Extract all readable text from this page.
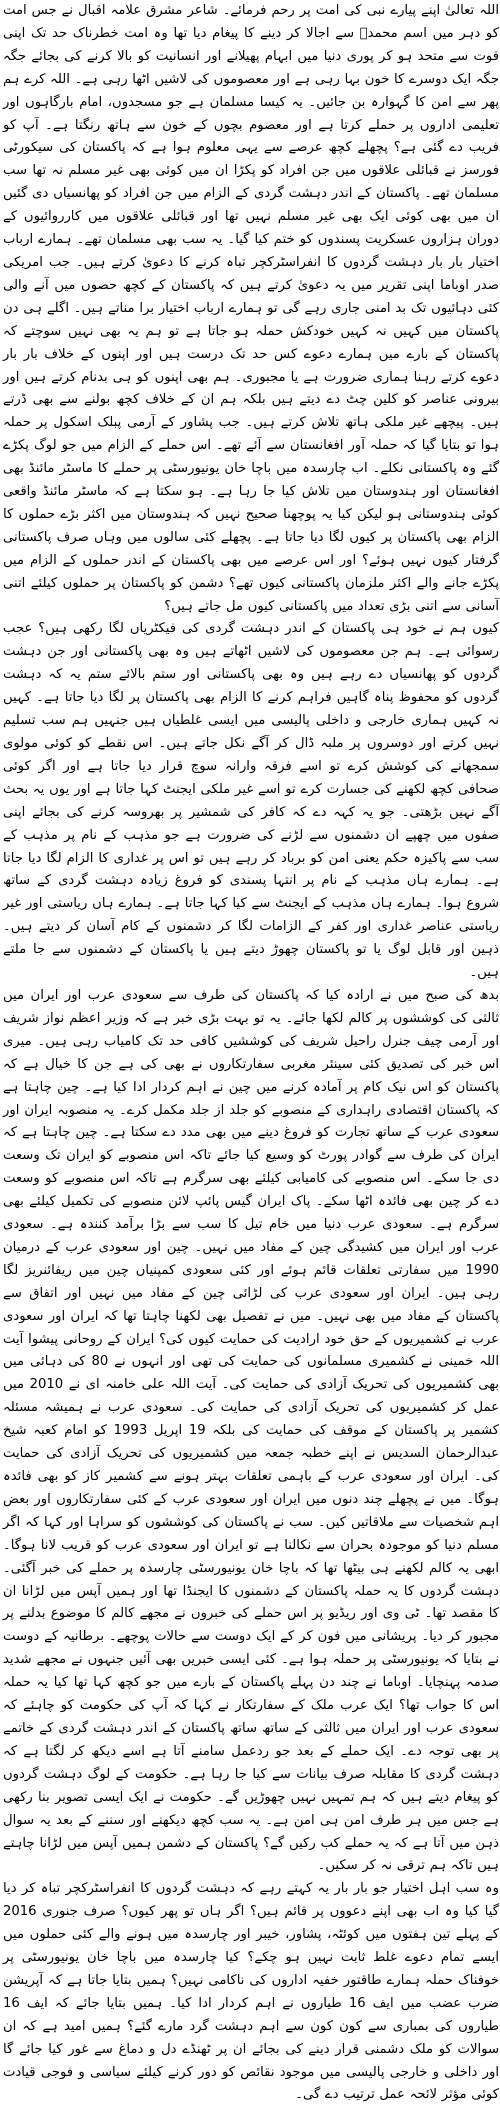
اللہ تعالیٰ اپنے پیارے نبی کی امت پر رحم فرمائے۔ شاعر مشرق علامہ اقبال نے جس امت کو دہر میں اسم محمدؐ سے اجالا کر دینے کا پیغام دیا تھا وہ امت خطرناک حد تک اپنی قوت سے متحد ہو کر پوری دنیا میں ابہام پھیلانے اور انسانیت کو بالا کرنے کی بجائے جگہ جگہ ایک دوسرے کا خون بہا رہی ہے اور معصوموں کی لاشیں اٹھا رہی ہے۔ اللہ کرے ہم پھر سے امن کا گہوارہ بن جائیں۔ یہ کیسا مسلمان ہے جو مسجدوں، امام بارگاہوں اور تعلیمی اداروں پر حملے کرتا ہے اور معصوم بچوں کے خون سے ہاتھ رنگتا ہے۔ آپ کو فریب دے گئی ہے؟ پچھلے کچھ عرصے سے یہی معلوم ہوا ہے کہ پاکستان کی سیکورٹی فورسز نے قبائلی علاقوں میں جن افراد کو پکڑا ان میں کوئی بھی غیر مسلم نہ تھا سب مسلمان تھے۔ پاکستان کے اندر دہشت گردی کے الزام میں جن افراد کو پھانسیاں دی گئیں ان میں بھی کوئی ایک بھی غیر مسلم نہیں تھا اور قبائلی علاقوں میں کارروائیوں کے دوران ہزاروں عسکریت پسندوں کو ختم کیا گیا۔ یہ سب بھی مسلمان تھے۔ ہمارے ارباب اختیار بار بار دہشت گردوں کا انفراسٹرکچر تباہ کرنے کا دعویٰ کرتے ہیں۔ جب امریکی صدر اوباما اپنی تقریر میں یہ دعویٰ کرتے ہیں کہ پاکستان کے کچھ حصوں میں آنے والی کئی دہائیوں تک بد امنی جاری رہے گی تو ہمارے ارباب اختیار برا مناتے ہیں۔ اگلے ہی دن پاکستان میں کہیں نہ کہیں خودکش حملہ ہو جاتا ہے تو ہم یہ بھی نہیں سوچتے کہ پاکستان کے بارے میں ہمارے دعوے کس حد تک درست ہیں اور اپنوں کے خلاف بار بار دعوے کرتے رہنا ہماری ضرورت ہے یا مجبوری۔ ہم بھی اپنوں کو ہی بدنام کرتے ہیں اور بیرونی عناصر کو کلین چٹ دے دیتے ہیں بلکہ ہم ان کے خلاف کچھ بولنے سے بھی ڈرتے ہیں۔ پیچھے غیر ملکی ہاتھ تلاش کرتے ہیں۔ جب پشاور کے آرمی پبلک اسکول پر حملہ ہوا تو بتایا گیا کہ حملہ آور افغانستان سے آئے تھے۔ اس حملے کے الزام میں جو لوگ پکڑے گئے وہ پاکستانی نکلے۔ اب چارسدہ میں باچا خان یونیورسٹی پر حملے کا ماسٹر مائنڈ بھی افغانستان اور ہندوستان میں تلاش کیا جا رہا ہے۔ ہو سکتا ہے کہ ماسٹر مائنڈ واقعی کوئی ہندوستانی ہو لیکن کیا یہ پوچھنا صحیح نہیں کہ ہندوستان میں اکثر بڑے حملوں کا الزام بھی پاکستان پر کیوں لگا دیا جاتا ہے۔ پچھلے کئی سالوں میں وہاں صرف پاکستانی گرفتار کیوں نہیں ہوئے؟ اور اس عرصے میں بھی پاکستان کے اندر حملوں کے الزام میں پکڑے جانے والے اکثر ملزمان پاکستانی کیوں تھے؟ دشمن کو پاکستان پر حملوں کیلئے اتنی آسانی سے اتنی بڑی تعداد میں پاکستانی کیوں مل جاتے ہیں؟

کیوں ہم نے خود ہی پاکستان کے اندر دہشت گردی کی فیکٹریاں لگا رکھی ہیں؟ عجب رسوائی ہے۔ ہم جن معصوموں کی لاشیں اٹھاتے ہیں وہ بھی پاکستانی اور جن دہشت گردوں کو پھانسیاں دے رہے ہیں وہ بھی پاکستانی اور ستم بالائے ستم یہ کہ دہشت گردوں کو محفوظ پناہ گاہیں فراہم کرنے کا الزام بھی پاکستان پر لگا دیا جاتا ہے۔ کہیں نہ کہیں ہماری خارجی و داخلی پالیسی میں ایسی غلطیاں ہیں جنہیں ہم سب تسلیم نہیں کرتے اور دوسروں پر ملبہ ڈال کر آگے نکل جاتے ہیں۔ اس نقطے کو کوئی مولوی سمجھانے کی کوشش کرے تو اسے فرقہ وارانہ سوچ قرار دیا جاتا ہے اور اگر کوئی صحافی کچھ لکھنے کی جسارت کرے تو اسے غیر ملکی ایجنٹ کہا جاتا ہے اور یوں یہ بحث آگے نہیں بڑھتی۔ جو یہ کہہ دے کہ کافر کی شمشیر پر بھروسہ کرنے کی بجائے اپنی صفوں میں چھپے ان دشمنوں سے لڑنے کی ضرورت ہے جو مذہب کے نام پر مذہب کے سب سے پاکیزہ حکم یعنی امن کو برباد کر رہے ہیں تو اس پر غداری کا الزام لگا دیا جاتا ہے۔ ہمارے ہاں مذہب کے نام پر انتہا پسندی کو فروغ زیادہ دہشت گردی کے ساتھ شروع ہوا۔ ہمارے ہاں مذہب کے ایجنٹ سے کیا کہا جاتا ہے۔ ہمارے ہاں ریاستی اور غیر ریاستی عناصر غداری اور کفر کے الزامات لگا کر دشمنوں کے کام آسان کر دیتے ہیں۔ ذہین اور قابل لوگ یا تو پاکستان چھوڑ دیتے ہیں یا پاکستان کے دشمنوں سے جا ملتے ہیں۔

بدھ کی صبح میں نے ارادہ کیا کہ پاکستان کی طرف سے سعودی عرب اور ایران میں ثالثی کی کوششوں پر کالم لکھا جائے۔ یہ تو بہت بڑی خبر ہے کہ وزیر اعظم نواز شریف اور آرمی چیف جنرل راحیل شریف کی کوششیں کافی حد تک کامیاب رہی ہیں۔ میری اس خبر کی تصدیق کئی سینئر مغربی سفارتکاروں نے بھی کی ہے جن کا خیال ہے کہ پاکستان کو اس نیک کام پر آمادہ کرنے میں چین نے اہم کردار ادا کیا ہے۔ چین چاہتا ہے کہ پاکستان اقتصادی راہداری کے منصوبے کو جلد از جلد مکمل کرے۔ یہ منصوبہ ایران اور سعودی عرب کے ساتھ تجارت کو فروغ دینے میں بھی مدد دے سکتا ہے۔ چین چاہتا ہے کہ ایران کی طرف سے گوادر پورٹ کو وسیع کیا جائے تاکہ اس منصوبے کو ایران تک وسعت دی جا سکے۔ اس منصوبے کی کامیابی کیلئے بھی سرگرم ہے تاکہ اس منصوبے کو وسعت دے کر چین بھی فائدہ اٹھا سکے۔ پاک ایران گیس پائپ لائن منصوبے کی تکمیل کیلئے بھی سرگرم ہے۔ سعودی عرب دنیا میں خام تیل کا سب سے بڑا برآمد کنندہ ہے۔ سعودی عرب اور ایران میں کشیدگی چین کے مفاد میں نہیں۔ چین اور سعودی عرب کے درمیان 1990 میں سفارتی تعلقات قائم ہوئے اور کئی سعودی کمپنیاں چین میں ریفائنریز لگا رہی ہیں۔ ایران اور سعودی عرب کی لڑائی چین کے مفاد میں نہیں اور اتفاق سے پاکستان کے مفاد میں بھی نہیں۔ میں نے تفصیل بھی لکھنا چاہتا تھا کہ ایران اور سعودی عرب نے کشمیریوں کے حق خود ارادیت کی حمایت کیوں کی؟ ایران کے روحانی پیشوا آیت اللہ خمینی نے کشمیری مسلمانوں کی حمایت کی تھی اور انہوں نے 80 کی دہائی میں بھی کشمیریوں کی تحریک آزادی کی حمایت کی۔ آیت اللہ علی خامنہ ای نے 2010 میں عمل کر کشمیریوں کی تحریک آزادی کی حمایت کی۔ سعودی عرب نے ہمیشہ مسئلہ کشمیر پر پاکستان کے موقف کی حمایت کی بلکہ 19 اپریل 1993 کو امام کعبہ شیخ عبدالرحمان السدیس نے اپنے خطبہ جمعہ میں کشمیریوں کی تحریک آزادی کی حمایت کی۔ ایران اور سعودی عرب کے باہمی تعلقات بہتر ہونے سے کشمیر کاز کو بھی فائدہ ہوگا۔ میں نے پچھلے چند دنوں میں ایران اور سعودی عرب کے کئی سفارتکاروں اور بعض اہم شخصیات سے ملاقاتیں کیں۔ سب نے پاکستان کی کوششوں کو سراہا اور کہا کہ اگر مسلم دنیا کو موجودہ بحران سے نکالنا ہے تو ایران اور سعودی عرب کو قریب لانا ہوگا۔ ابھی یہ کالم لکھنے ہی بیٹھا تھا کہ باچا خان یونیورسٹی چارسدہ پر حملے کی خبر آگئی۔ دہشت گردوں کا یہ حملہ پاکستان کے دشمنوں کا ایجنڈا تھا اور ہمیں آپس میں لڑانا ان کا مقصد تھا۔ ٹی وی اور ریڈیو پر اس حملے کی خبروں نے مجھے کالم کا موضوع بدلنے پر مجبور کر دیا۔ پریشانی میں فون کر کے ایک دوست سے حالات پوچھے۔ برطانیہ کے دوست نے بتایا کہ یونیورسٹی پر حملہ ہوا ہے۔ کئی ایسی خبریں بھی آئیں جنہوں نے مجھے شدید صدمہ پہنچایا۔ اوباما نے چند دن پہلے پاکستان کے بارے میں جو کچھ کہا تھا کیا یہ حملہ اس کا جواب تھا؟ ایک عرب ملک کے سفارتکار نے کہا کہ آپ کی حکومت کو چاہئے کہ سعودی عرب اور ایران میں ثالثی کے ساتھ ساتھ پاکستان کے اندر دہشت گردی کے خاتمے پر بھی توجہ دے۔ ایک حملے کے بعد جو ردعمل سامنے آتا ہے اسے دیکھ کر لگتا ہے کہ دہشت گردی کا مقابلہ صرف بیانات سے کیا جا رہا ہے۔ حکومت کے لوگ دہشت گردوں کو پیغام دیتے ہیں کہ ہم تمہیں نہیں چھوڑیں گے۔ حکومت نے ایک ایسی تصویر بنا رکھی ہے جس میں ہر طرف امن ہی امن ہے۔ یہ سب کچھ دیکھنے اور سننے کے بعد یہ سوال ذہن میں آتا ہے کہ یہ حملے کب رکیں گے؟ پاکستان کے دشمن ہمیں آپس میں لڑانا چاہتے ہیں تاکہ ہم ترقی نہ کر سکیں۔

وہ سب اہل اختیار جو بار بار یہ کہتے رہے کہ دہشت گردوں کا انفراسٹرکچر تباہ کر دیا گیا کیا وہ اب بھی اپنے دعووں پر قائم ہیں؟ اگر ہاں تو پھر کیوں؟ صرف جنوری 2016 کے پہلے تین ہفتوں میں کوئٹہ، پشاور، خیبر اور چارسدہ میں ہونے والے کئی حملوں میں ایسے تمام دعوے غلط ثابت نہیں ہو چکے؟ کیا چارسدہ میں باچا خان یونیورسٹی پر خوفناک حملہ ہمارے طاقتور خفیہ اداروں کی ناکامی نہیں؟ ہمیں بتایا جاتا ہے کہ آپریشن ضرب عضب میں ایف 16 طیاروں نے اہم کردار ادا کیا۔ ہمیں بتایا جائے کہ ایف 16 طیاروں کی بمباری سے کون کون سے اہم دہشت گرد مارے گئے؟ ہمیں امید ہے کہ ان سوالات کو ملک دشمنی قرار دینے کی بجائے ان پر ٹھنڈے دل و دماغ سے غور کیا جائے گا اور داخلی و خارجی پالیسی میں موجود نقائص کو دور کرنے کیلئے سیاسی و فوجی قیادت کوئی مؤثر لائحہ عمل ترتیب دے گی۔
